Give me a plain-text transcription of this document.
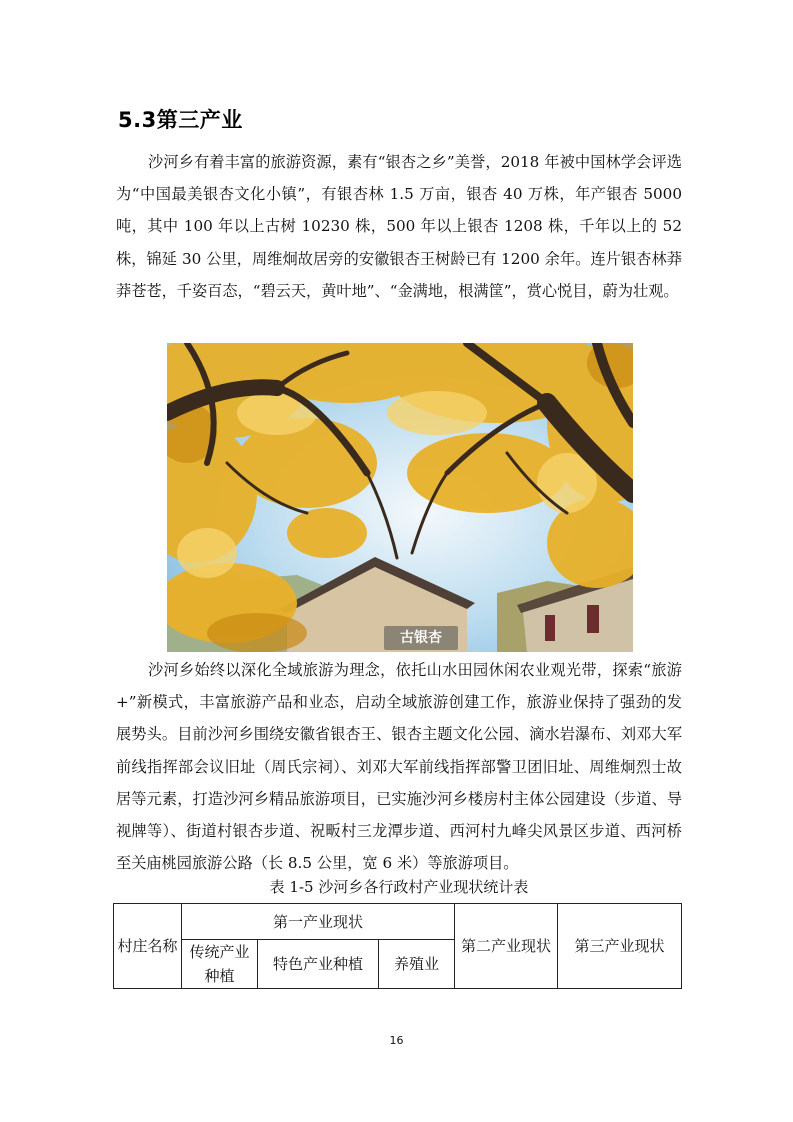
5.3第三产业

沙河乡有着丰富的旅游资源，素有“银杏之乡”美誉，2018 年被中国林学会评选为“中国最美银杏文化小镇”，有银杏林 1.5 万亩，银杏 40 万株，年产银杏 5000 吨，其中 100 年以上古树 10230 株，500 年以上银杏 1208 株，千年以上的 52 株，锦延 30 公里，周维炯故居旁的安徽银杏王树龄已有 1200 余年。连片银杏林莽莽苍苍，千姿百态，“碧云天，黄叶地”、“金满地，根满筐”，赏心悦目，蔚为壮观。

古银杏

沙河乡始终以深化全域旅游为理念，依托山水田园休闲农业观光带，探索“旅游+”新模式，丰富旅游产品和业态，启动全域旅游创建工作，旅游业保持了强劲的发展势头。目前沙河乡围绕安徽省银杏王、银杏主题文化公园、滴水岩瀑布、刘邓大军前线指挥部会议旧址（周氏宗祠）、刘邓大军前线指挥部警卫团旧址、周维炯烈士故居等元素，打造沙河乡精品旅游项目，已实施沙河乡楼房村主体公园建设（步道、导视牌等）、街道村银杏步道、祝畈村三龙潭步道、西河村九峰尖风景区步道、西河桥至关庙桃园旅游公路（长 8.5 公里，宽 6 米）等旅游项目。

表 1-5 沙河乡各行政村产业现状统计表
村庄名称	第一产业现状			第二产业现状	第三产业现状
	传统产业种植	特色产业种植	养殖业		
16
